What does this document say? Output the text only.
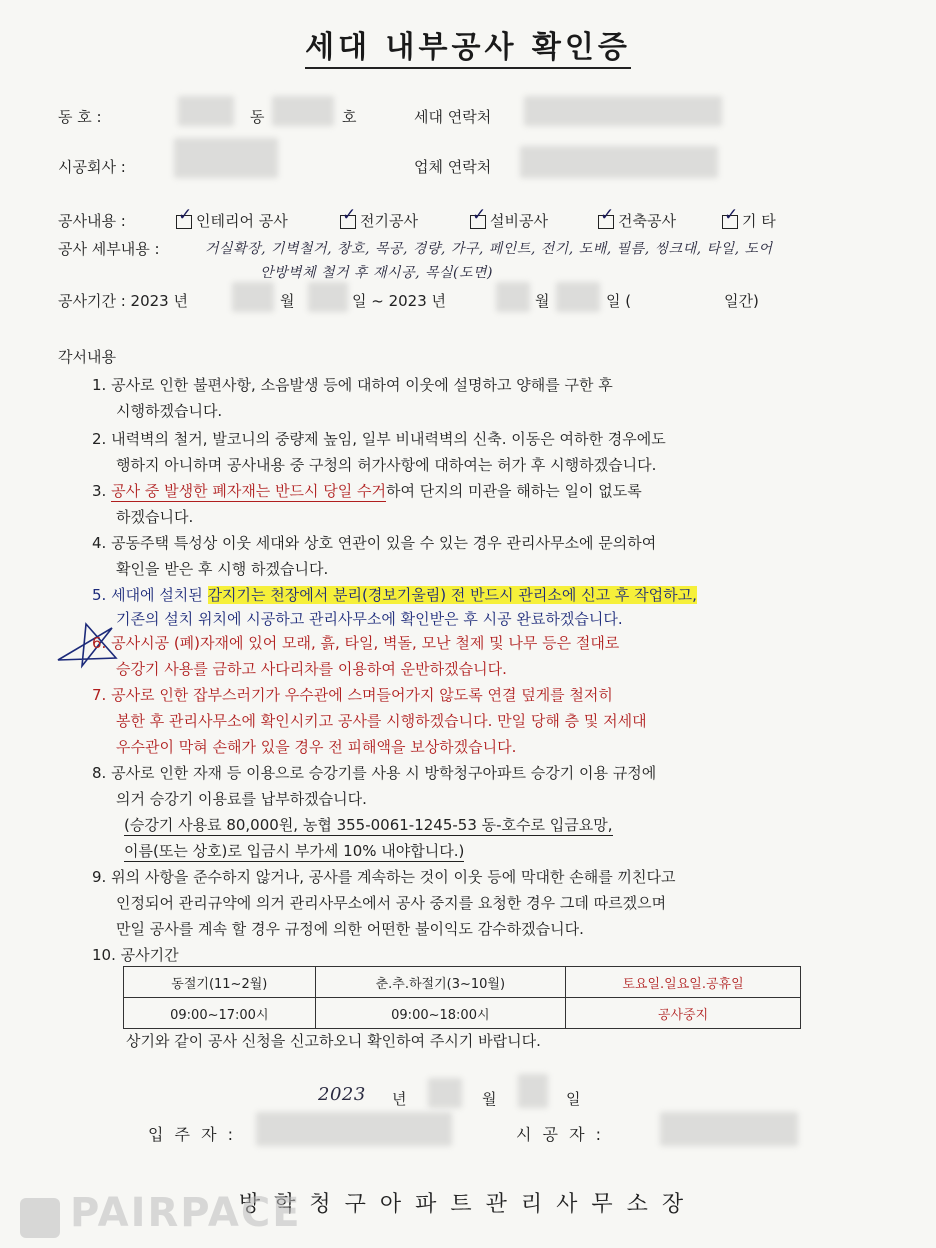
세대 내부공사 확인증
동 호 :	동	호	세대 연락처
시공회사 :	업체 연락처
공사내용 :	✓ 인테리어 공사	✓ 전기공사	✓ 설비공사	✓ 건축공사	✓ 기 타
공사 세부내용 :	거실확장, 기벽철거, 창호, 목공, 경량, 가구, 페인트, 전기, 도배, 필름, 씽크대, 타일, 도어
안방벽체 철거 후 재시공, 목실(도면)
공사기간 : 2023 년	월	일 ~ 2023 년	월	일 (	일간)
각서내용
1. 공사로 인한 불편사항, 소음발생 등에 대하여 이웃에 설명하고 양해를 구한 후
시행하겠습니다.
2. 내력벽의 철거, 발코니의 중량제 높임, 일부 비내력벽의 신축. 이동은 여하한 경우에도
행하지 아니하며 공사내용 중 구청의 허가사항에 대하여는 허가 후 시행하겠습니다.
3. 공사 중 발생한 폐자재는 반드시 당일 수거하여 단지의 미관을 해하는 일이 없도록
하겠습니다.
4. 공동주택 특성상 이웃 세대와 상호 연관이 있을 수 있는 경우 관리사무소에 문의하여
확인을 받은 후 시행 하겠습니다.
5. 세대에 설치된 감지기는 천장에서 분리(경보기울림) 전 반드시 관리소에 신고 후 작업하고,
기존의 설치 위치에 시공하고 관리사무소에 확인받은 후 시공 완료하겠습니다.
6. 공사시공 (폐)자재에 있어 모래, 흙, 타일, 벽돌, 모난 철제 및 나무 등은 절대로
승강기 사용를 금하고 사다리차를 이용하여 운반하겠습니다.
7. 공사로 인한 잡부스러기가 우수관에 스며들어가지 않도록 연결 덮게를 철저히
봉한 후 관리사무소에 확인시키고 공사를 시행하겠습니다. 만일 당해 층 및 저세대
우수관이 막혀 손해가 있을 경우 전 피해액을 보상하겠습니다.
8. 공사로 인한 자재 등 이용으로 승강기를 사용 시 방학청구아파트 승강기 이용 규정에
의거 승강기 이용료를 납부하겠습니다.
(승강기 사용료 80,000원, 농협 355-0061-1245-53 동-호수로 입금요망,
이름(또는 상호)로 입금시 부가세 10% 내야합니다.)
9. 위의 사항을 준수하지 않거나, 공사를 계속하는 것이 이웃 등에 막대한 손해를 끼친다고
인정되어 관리규약에 의거 관리사무소에서 공사 중지를 요청한 경우 그데 따르겠으며
만일 공사를 계속 할 경우 규정에 의한 어떤한 불이익도 감수하겠습니다.
10. 공사기간
동절기(11~2월)	춘.추.하절기(3~10월)	토요일.일요일.공휴일
09:00~17:00시	09:00~18:00시	공사중지
상기와 같이 공사 신청을 신고하오니 확인하여 주시기 바랍니다.
2023 년	월	일
입 주 자 :	시 공 자 :
방학청구아파트관리사무소장
PAIRPACE
